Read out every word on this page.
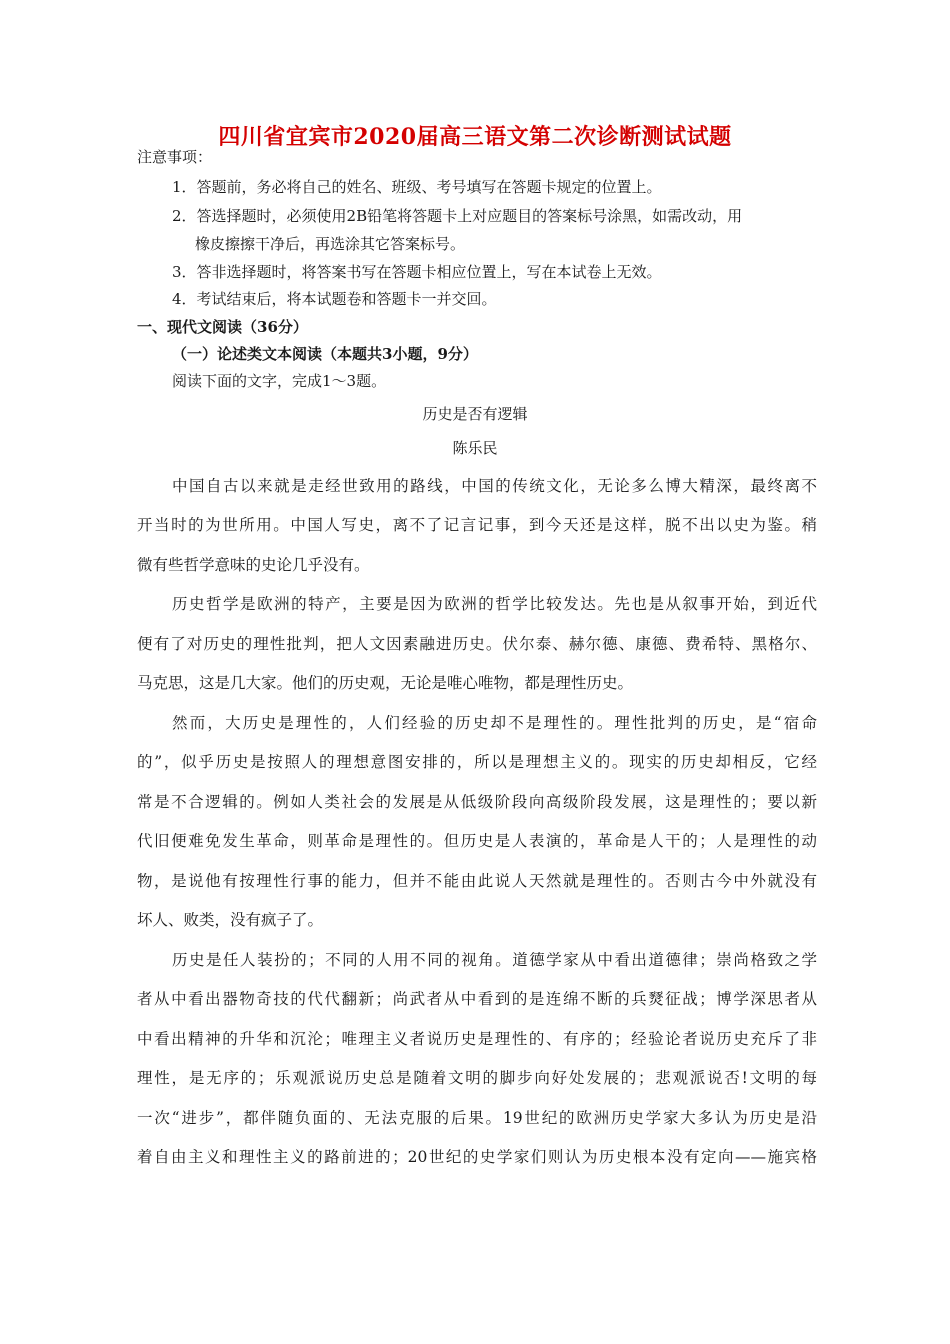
四川省宜宾市2020届高三语文第二次诊断测试试题
注意事项：
1．答题前，务必将自己的姓名、班级、考号填写在答题卡规定的位置上。
2．答选择题时，必须使用2B铅笔将答题卡上对应题目的答案标号涂黑，如需改动，用
橡皮擦擦干净后，再选涂其它答案标号。
3．答非选择题时，将答案书写在答题卡相应位置上，写在本试卷上无效。
4．考试结束后，将本试题卷和答题卡一并交回。
一、现代文阅读（36分）
（一）论述类文本阅读（本题共3小题，9分）
阅读下面的文字，完成1～3题。
历史是否有逻辑
陈乐民
中国自古以来就是走经世致用的路线，中国的传统文化，无论多么博大精深，最终离不
开当时的为世所用。中国人写史，离不了记言记事，到今天还是这样，脱不出以史为鉴。稍
微有些哲学意味的史论几乎没有。
历史哲学是欧洲的特产，主要是因为欧洲的哲学比较发达。先也是从叙事开始，到近代
便有了对历史的理性批判，把人文因素融进历史。伏尔泰、赫尔德、康德、费希特、黑格尔、
马克思，这是几大家。他们的历史观，无论是唯心唯物，都是理性历史。
然而，大历史是理性的，人们经验的历史却不是理性的。理性批判的历史，是“宿命
的”，似乎历史是按照人的理想意图安排的，所以是理想主义的。现实的历史却相反，它经
常是不合逻辑的。例如人类社会的发展是从低级阶段向高级阶段发展，这是理性的；要以新
代旧便难免发生革命，则革命是理性的。但历史是人表演的，革命是人干的；人是理性的动
物，是说他有按理性行事的能力，但并不能由此说人天然就是理性的。否则古今中外就没有
坏人、败类，没有疯子了。
历史是任人装扮的；不同的人用不同的视角。道德学家从中看出道德律；崇尚格致之学
者从中看出器物奇技的代代翻新；尚武者从中看到的是连绵不断的兵燹征战；博学深思者从
中看出精神的升华和沉沦；唯理主义者说历史是理性的、有序的；经验论者说历史充斥了非
理性，是无序的；乐观派说历史总是随着文明的脚步向好处发展的；悲观派说否!文明的每
一次“进步”，都伴随负面的、无法克服的后果。19世纪的欧洲历史学家大多认为历史是沿
着自由主义和理性主义的路前进的；20世纪的史学家们则认为历史根本没有定向——施宾格
